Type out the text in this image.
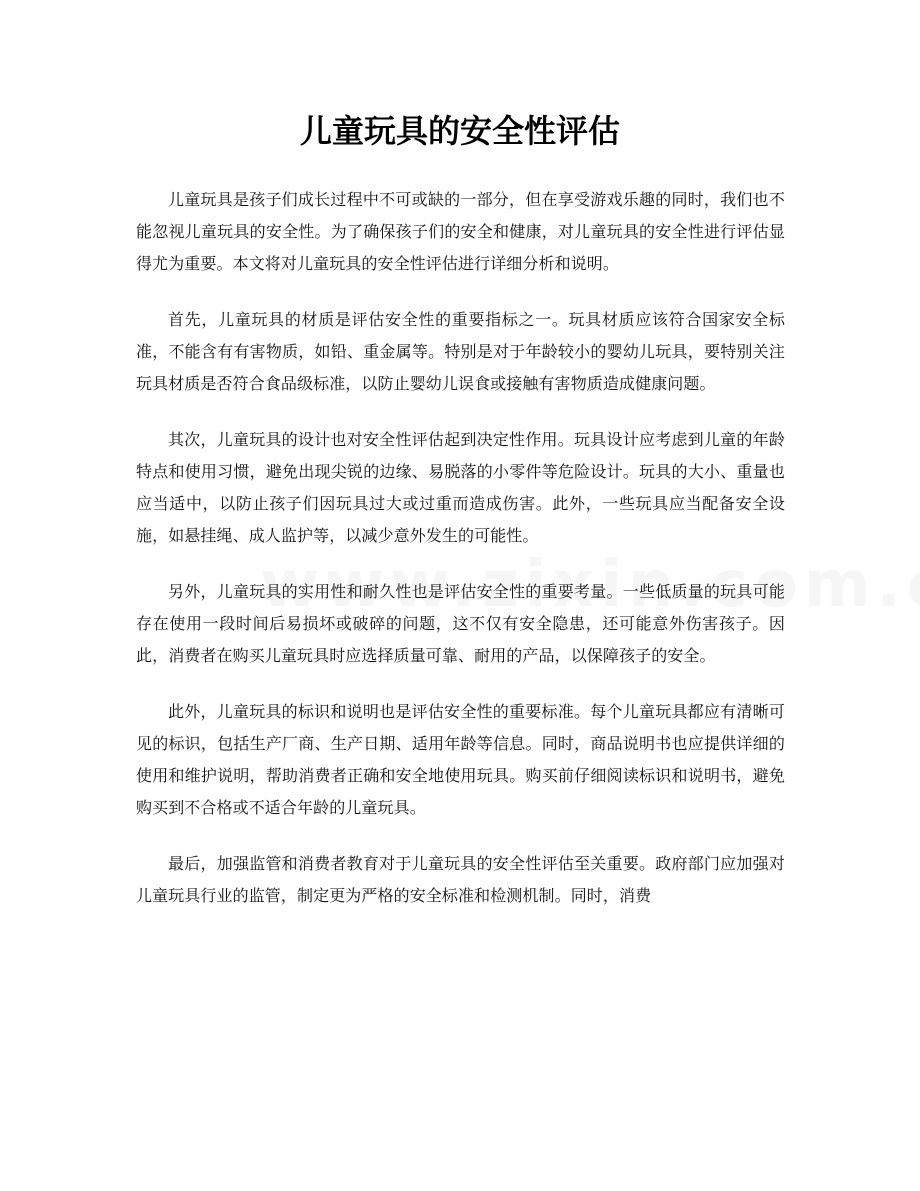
儿童玩具的安全性评估

儿童玩具是孩子们成长过程中不可或缺的一部分，但在享受游戏乐趣的同时，我们也不能忽视儿童玩具的安全性。为了确保孩子们的安全和健康，对儿童玩具的安全性进行评估显得尤为重要。本文将对儿童玩具的安全性评估进行详细分析和说明。

首先，儿童玩具的材质是评估安全性的重要指标之一。玩具材质应该符合国家安全标准，不能含有有害物质，如铅、重金属等。特别是对于年龄较小的婴幼儿玩具，要特别关注玩具材质是否符合食品级标准，以防止婴幼儿误食或接触有害物质造成健康问题。

其次，儿童玩具的设计也对安全性评估起到决定性作用。玩具设计应考虑到儿童的年龄特点和使用习惯，避免出现尖锐的边缘、易脱落的小零件等危险设计。玩具的大小、重量也应当适中，以防止孩子们因玩具过大或过重而造成伤害。此外，一些玩具应当配备安全设施，如悬挂绳、成人监护等，以减少意外发生的可能性。

另外，儿童玩具的实用性和耐久性也是评估安全性的重要考量。一些低质量的玩具可能存在使用一段时间后易损坏或破碎的问题，这不仅有安全隐患，还可能意外伤害孩子。因此，消费者在购买儿童玩具时应选择质量可靠、耐用的产品，以保障孩子的安全。

此外，儿童玩具的标识和说明也是评估安全性的重要标准。每个儿童玩具都应有清晰可见的标识，包括生产厂商、生产日期、适用年龄等信息。同时，商品说明书也应提供详细的使用和维护说明，帮助消费者正确和安全地使用玩具。购买前仔细阅读标识和说明书，避免购买到不合格或不适合年龄的儿童玩具。

最后，加强监管和消费者教育对于儿童玩具的安全性评估至关重要。政府部门应加强对儿童玩具行业的监管，制定更为严格的安全标准和检测机制。同时，消费
